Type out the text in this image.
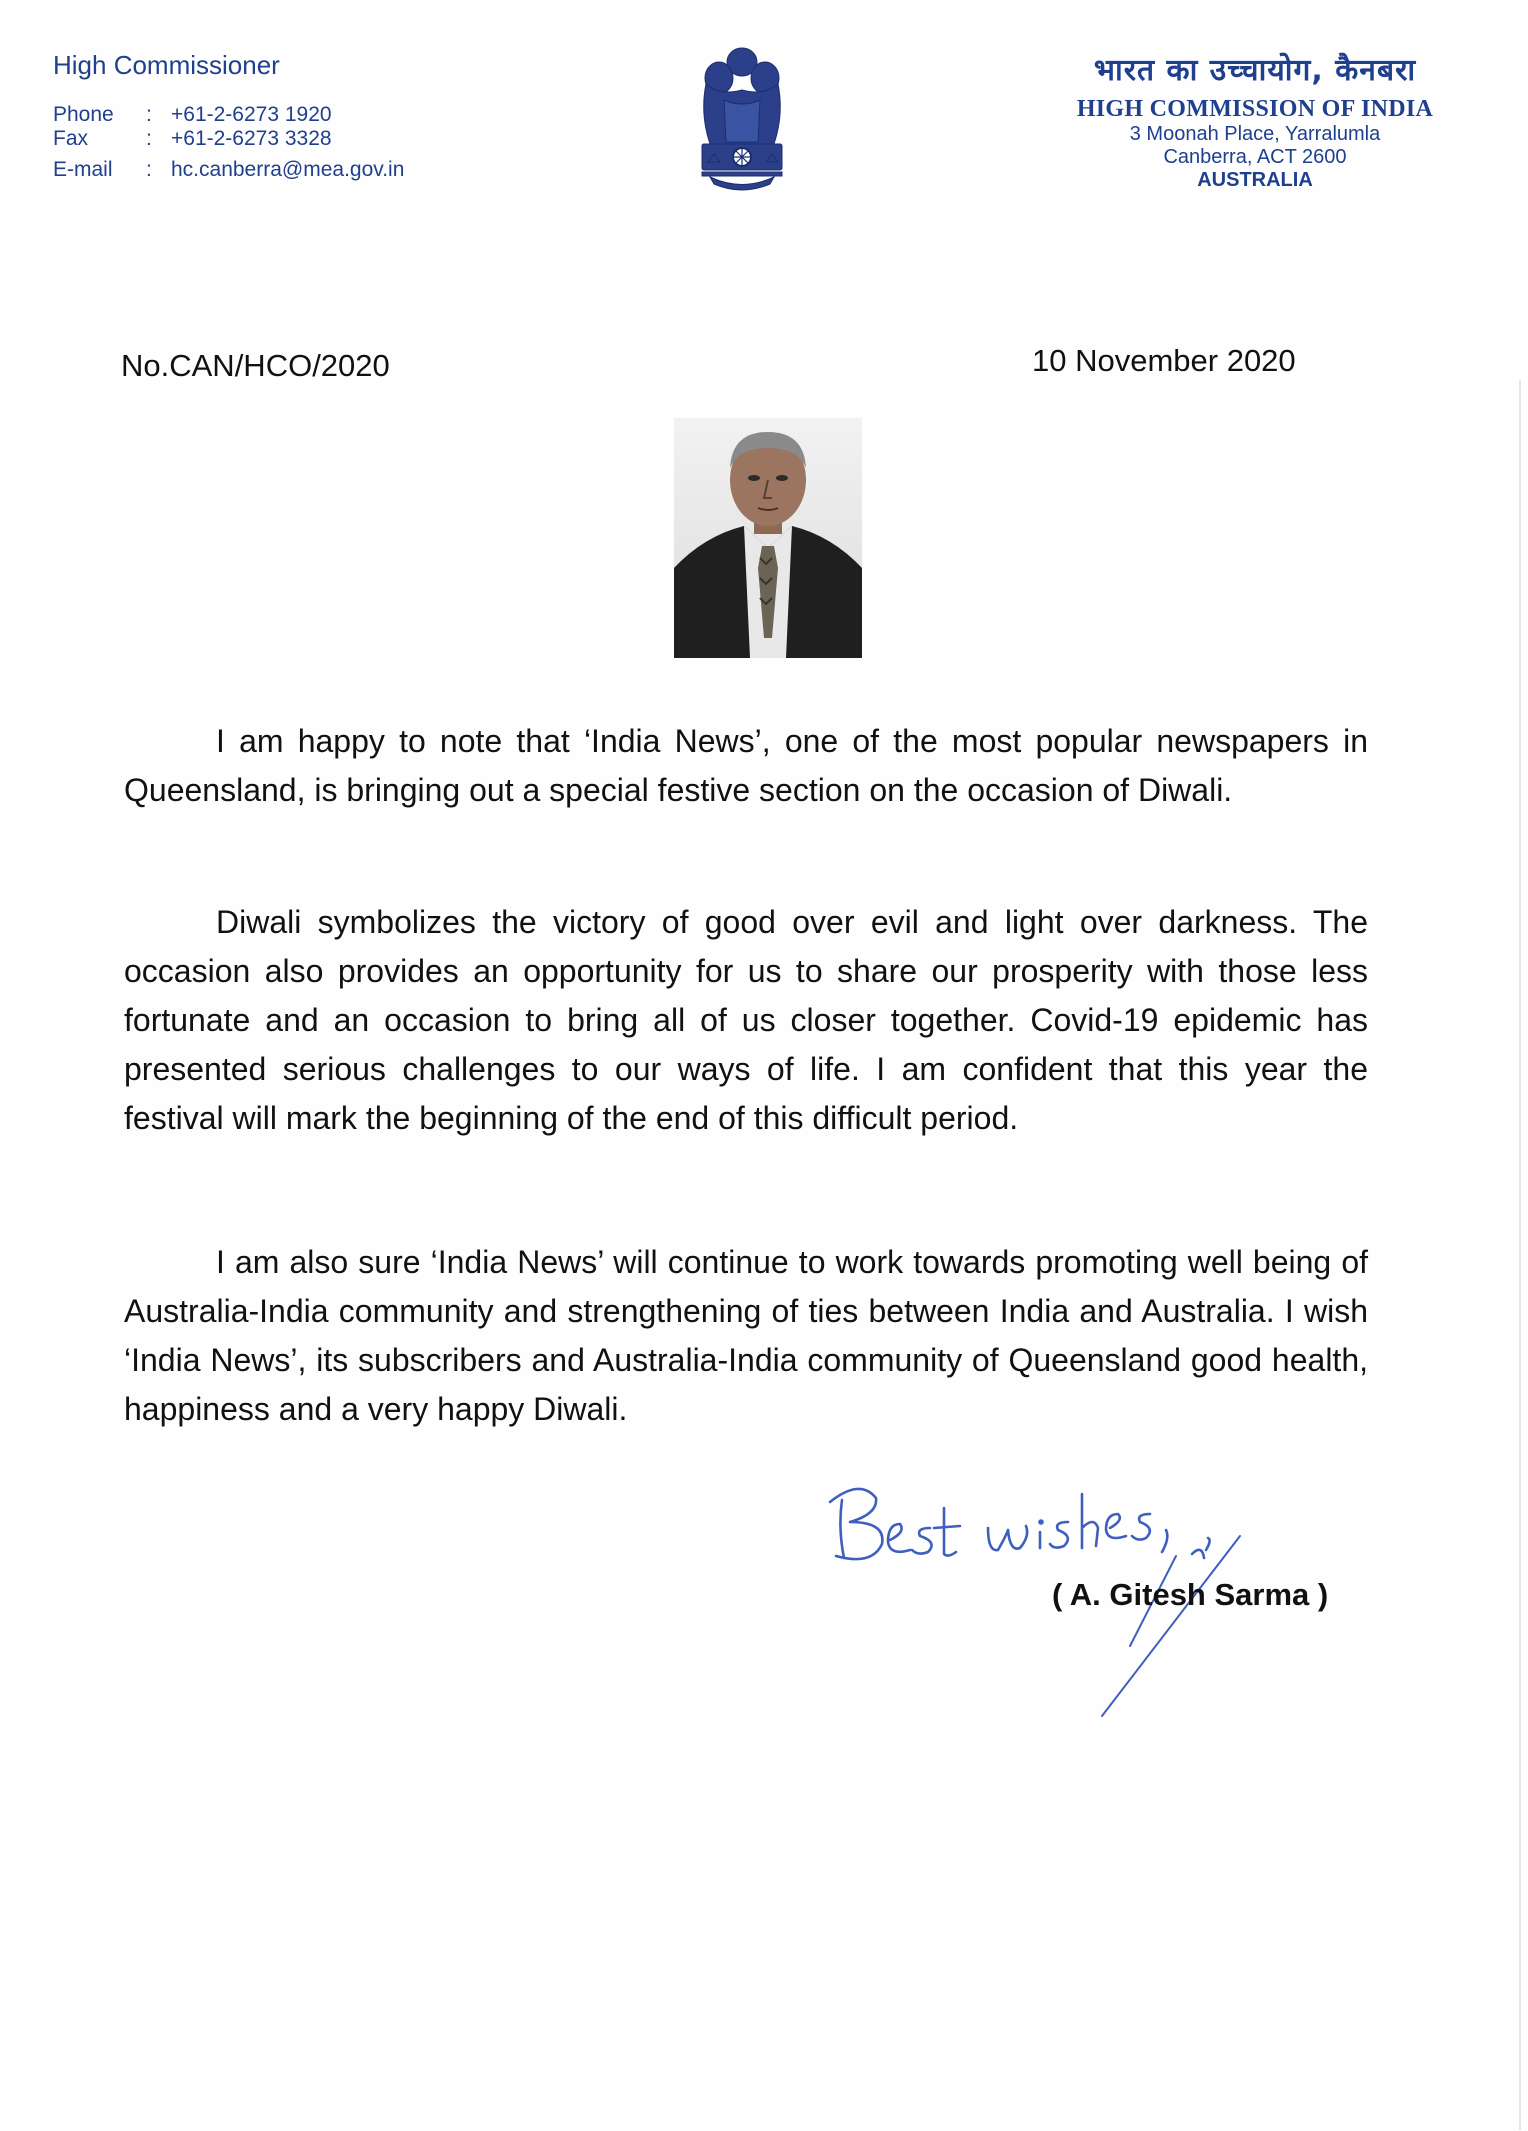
High Commissioner
Phone	: +61-2-6273 1920
Fax	: +61-2-6273 3328
E-mail	: hc.canberra@mea.gov.in
भारत का उच्चायोग, कैनबरा
HIGH COMMISSION OF INDIA
3 Moonah Place, Yarralumla
Canberra, ACT 2600
AUSTRALIA
No.CAN/HCO/2020	10 November 2020

I am happy to note that ‘India News’, one of the most popular newspapers in Queensland, is bringing out a special festive section on the occasion of Diwali.

Diwali symbolizes the victory of good over evil and light over darkness. The occasion also provides an opportunity for us to share our prosperity with those less fortunate and an occasion to bring all of us closer together. Covid-19 epidemic has presented serious challenges to our ways of life. I am confident that this year the festival will mark the beginning of the end of this difficult period.

I am also sure ‘India News’ will continue to work towards promoting well being of Australia-India community and strengthening of ties between India and Australia. I wish ‘India News’, its subscribers and Australia-India community of Queensland good health, happiness and a very happy Diwali.

( A. Gitesh Sarma )
